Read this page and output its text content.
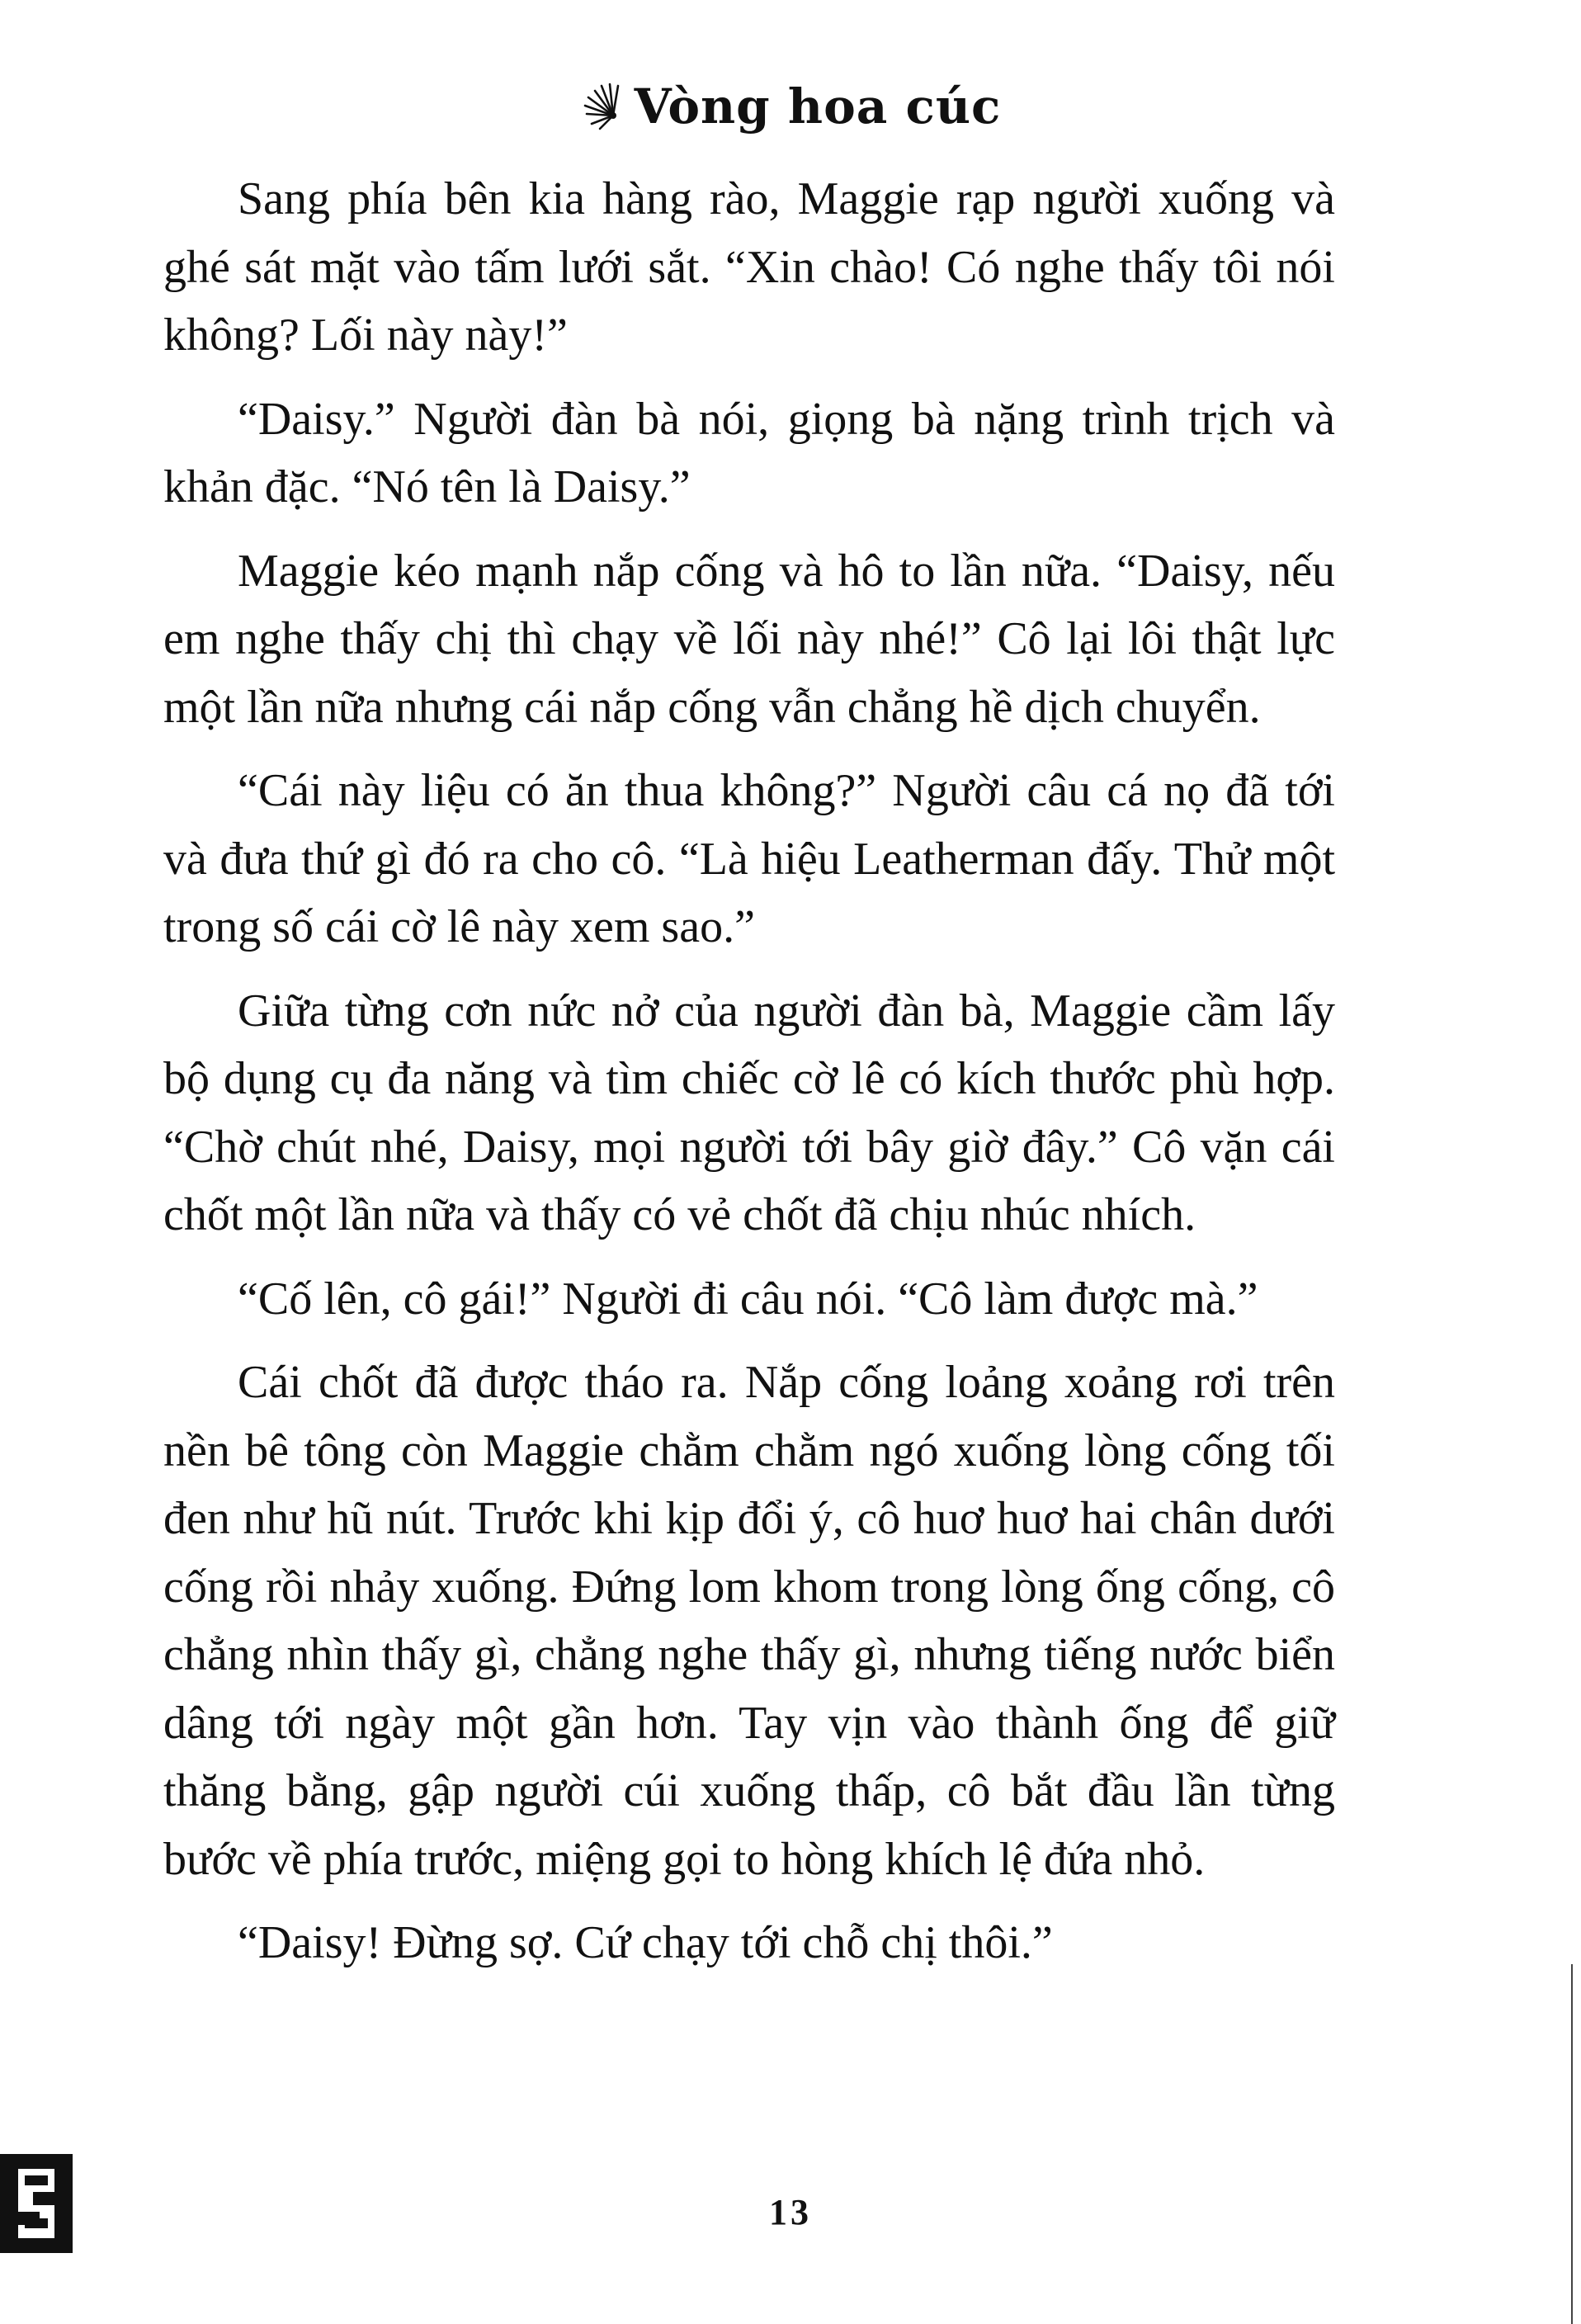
Vòng hoa cúc

Sang phía bên kia hàng rào, Maggie rạp người xuống và ghé sát mặt vào tấm lưới sắt. “Xin chào! Có nghe thấy tôi nói không? Lối này này!”

“Daisy.” Người đàn bà nói, giọng bà nặng trình trịch và khản đặc. “Nó tên là Daisy.”

Maggie kéo mạnh nắp cống và hô to lần nữa. “Daisy, nếu em nghe thấy chị thì chạy về lối này nhé!” Cô lại lôi thật lực một lần nữa nhưng cái nắp cống vẫn chẳng hề dịch chuyển.

“Cái này liệu có ăn thua không?” Người câu cá nọ đã tới và đưa thứ gì đó ra cho cô. “Là hiệu Leatherman đấy. Thử một trong số cái cờ lê này xem sao.”

Giữa từng cơn nức nở của người đàn bà, Maggie cầm lấy bộ dụng cụ đa năng và tìm chiếc cờ lê có kích thước phù hợp. “Chờ chút nhé, Daisy, mọi người tới bây giờ đây.” Cô vặn cái chốt một lần nữa và thấy có vẻ chốt đã chịu nhúc nhích.

“Cố lên, cô gái!” Người đi câu nói. “Cô làm được mà.”

Cái chốt đã được tháo ra. Nắp cống loảng xoảng rơi trên nền bê tông còn Maggie chằm chằm ngó xuống lòng cống tối đen như hũ nút. Trước khi kịp đổi ý, cô huơ huơ hai chân dưới cống rồi nhảy xuống. Đứng lom khom trong lòng ống cống, cô chẳng nhìn thấy gì, chẳng nghe thấy gì, nhưng tiếng nước biển dâng tới ngày một gần hơn. Tay vịn vào thành ống để giữ thăng bằng, gập người cúi xuống thấp, cô bắt đầu lần từng bước về phía trước, miệng gọi to hòng khích lệ đứa nhỏ.

“Daisy! Đừng sợ. Cứ chạy tới chỗ chị thôi.”

13
